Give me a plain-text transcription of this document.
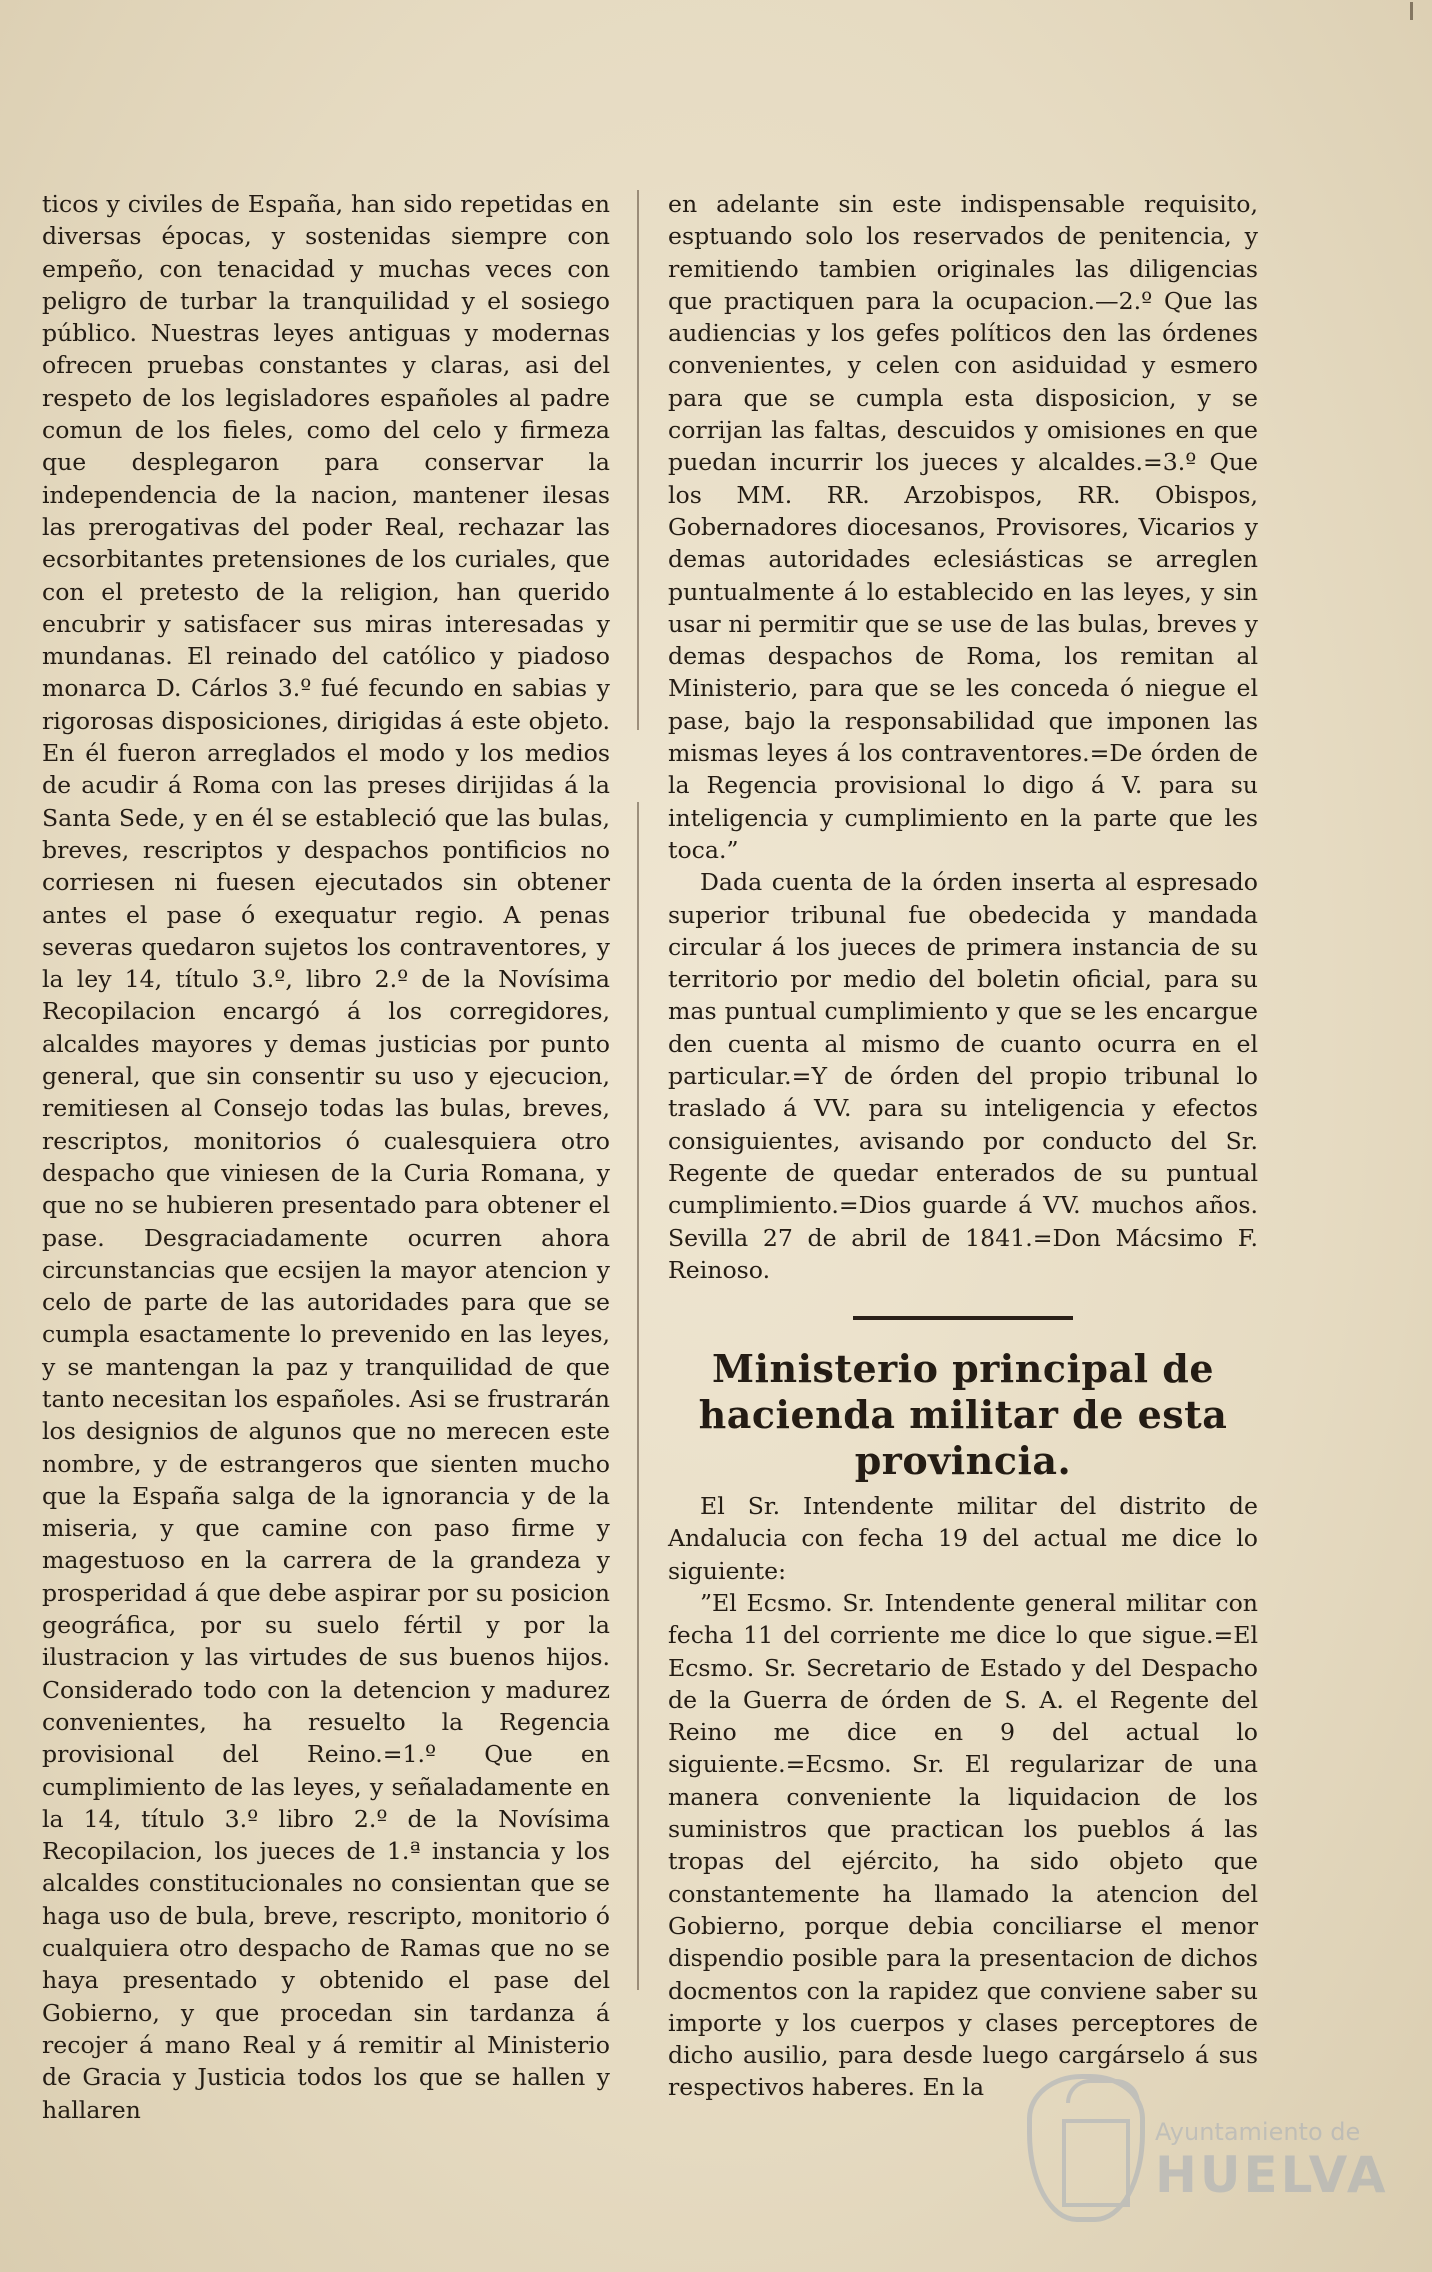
ticos y civiles de España, han sido repetidas en diversas épocas, y sostenidas siempre con empeño, con tenacidad y muchas veces con peligro de turbar la tranquilidad y el sosiego público. Nuestras leyes antiguas y modernas ofrecen pruebas constantes y claras, asi del respeto de los legisladores españoles al padre comun de los fieles, como del celo y firmeza que desplegaron para conservar la independencia de la nacion, mantener ilesas las prerogativas del poder Real, rechazar las ecsorbitantes pretensiones de los curiales, que con el pretesto de la religion, han querido encubrir y satisfacer sus miras interesadas y mundanas. El reinado del católico y piadoso monarca D. Cárlos 3.º fué fecundo en sabias y rigorosas disposiciones, dirigidas á este objeto. En él fueron arreglados el modo y los medios de acudir á Roma con las preses dirijidas á la Santa Sede, y en él se estableció que las bulas, breves, rescriptos y despachos pontificios no corriesen ni fuesen ejecutados sin obtener antes el pase ó exequatur regio. A penas severas quedaron sujetos los contraventores, y la ley 14, título 3.º, libro 2.º de la Novísima Recopilacion encargó á los corregidores, alcaldes mayores y demas justicias por punto general, que sin consentir su uso y ejecucion, remitiesen al Consejo todas las bulas, breves, rescriptos, monitorios ó cualesquiera otro despacho que viniesen de la Curia Romana, y que no se hubieren presentado para obtener el pase. Desgraciadamente ocurren ahora circunstancias que ecsijen la mayor atencion y celo de parte de las autoridades para que se cumpla esactamente lo prevenido en las leyes, y se mantengan la paz y tranquilidad de que tanto necesitan los españoles. Asi se frustrarán los designios de algunos que no merecen este nombre, y de estrangeros que sienten mucho que la España salga de la ignorancia y de la miseria, y que camine con paso firme y magestuoso en la carrera de la grandeza y prosperidad á que debe aspirar por su posicion geográfica, por su suelo fértil y por la ilustracion y las virtudes de sus buenos hijos. Considerado todo con la detencion y madurez convenientes, ha resuelto la Regencia provisional del Reino.=1.º Que en cumplimiento de las leyes, y señaladamente en la 14, título 3.º libro 2.º de la Novísima Recopilacion, los jueces de 1.ª instancia y los alcaldes constitucionales no consientan que se haga uso de bula, breve, rescripto, monitorio ó cualquiera otro despacho de Ramas que no se haya presentado y obtenido el pase del Gobierno, y que procedan sin tardanza á recojer á mano Real y á remitir al Ministerio de Gracia y Justicia todos los que se hallen y hallaren

en adelante sin este indispensable requisito, esptuando solo los reservados de penitencia, y remitiendo tambien originales las diligencias que practiquen para la ocupacion.—2.º Que las audiencias y los gefes políticos den las órdenes convenientes, y celen con asiduidad y esmero para que se cumpla esta disposicion, y se corrijan las faltas, descuidos y omisiones en que puedan incurrir los jueces y alcaldes.=3.º Que los MM. RR. Arzobispos, RR. Obispos, Gobernadores diocesanos, Provisores, Vicarios y demas autoridades eclesiásticas se arreglen puntualmente á lo establecido en las leyes, y sin usar ni permitir que se use de las bulas, breves y demas despachos de Roma, los remitan al Ministerio, para que se les conceda ó niegue el pase, bajo la responsabilidad que imponen las mismas leyes á los contraventores.=De órden de la Regencia provisional lo digo á V. para su inteligencia y cumplimiento en la parte que les toca.”

Dada cuenta de la órden inserta al espresado superior tribunal fue obedecida y mandada circular á los jueces de primera instancia de su territorio por medio del boletin oficial, para su mas puntual cumplimiento y que se les encargue den cuenta al mismo de cuanto ocurra en el particular.=Y de órden del propio tribunal lo traslado á VV. para su inteligencia y efectos consiguientes, avisando por conducto del Sr. Regente de quedar enterados de su puntual cumplimiento.=Dios guarde á VV. muchos años. Sevilla 27 de abril de 1841.=Don Mácsimo F. Reinoso.

Ministerio principal de hacienda militar de esta provincia.

El Sr. Intendente militar del distrito de Andalucia con fecha 19 del actual me dice lo siguiente:

”El Ecsmo. Sr. Intendente general militar con fecha 11 del corriente me dice lo que sigue.=El Ecsmo. Sr. Secretario de Estado y del Despacho de la Guerra de órden de S. A. el Regente del Reino me dice en 9 del actual lo siguiente.=Ecsmo. Sr. El regularizar de una manera conveniente la liquidacion de los suministros que practican los pueblos á las tropas del ejército, ha sido objeto que constantemente ha llamado la atencion del Gobierno, porque debia conciliarse el menor dispendio posible para la presentacion de dichos docmentos con la rapidez que conviene saber su importe y los cuerpos y clases perceptores de dicho ausilio, para desde luego cargárselo á sus respectivos haberes. En la

Ayuntamiento de
HUELVA
